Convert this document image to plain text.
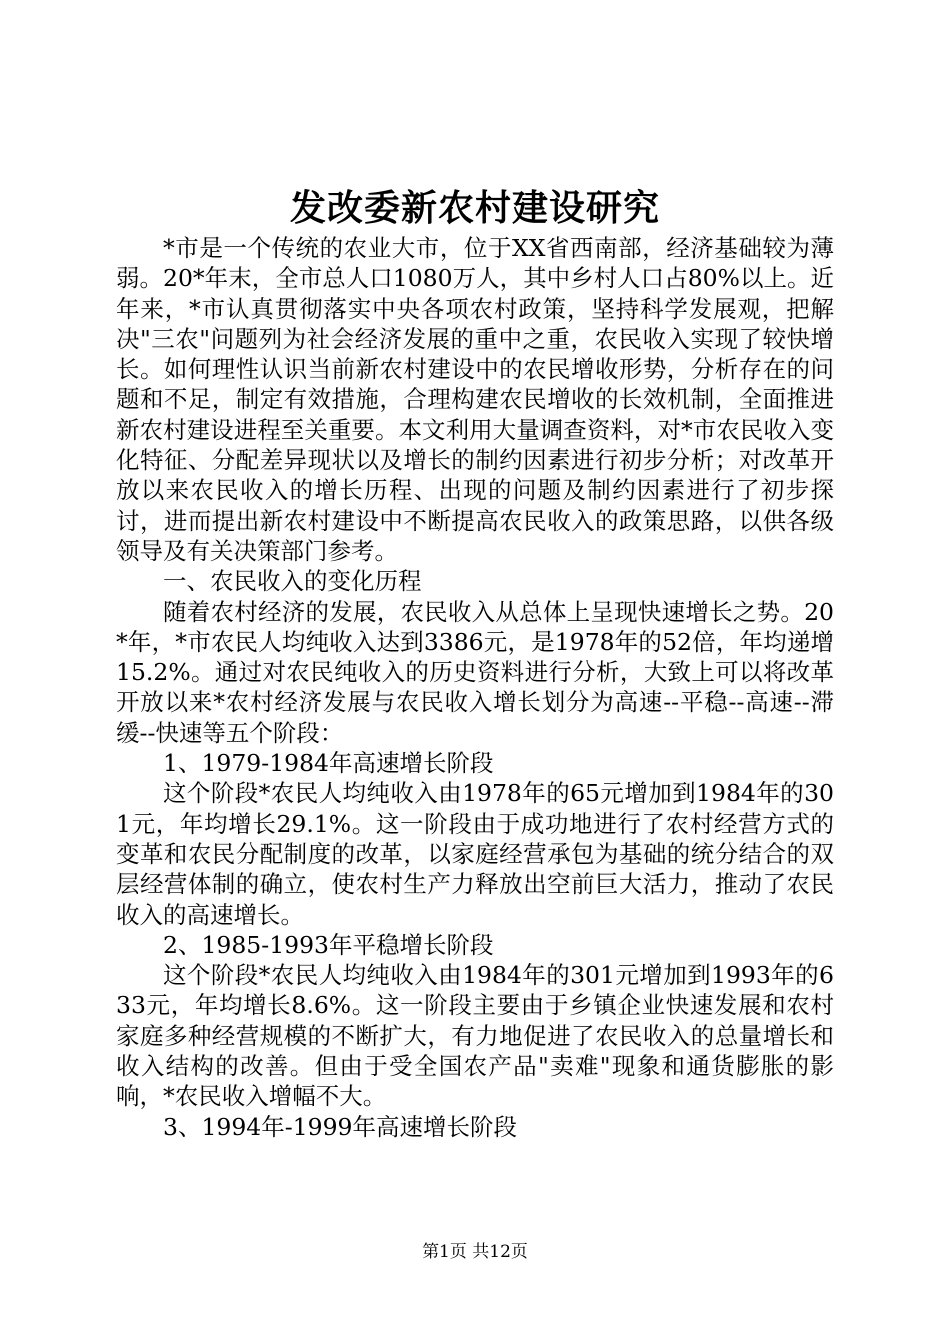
发改委新农村建设研究

*市是一个传统的农业大市，位于XX省西南部，经济基础较为薄弱。20*年末，全市总人口1080万人，其中乡村人口占80%以上。近年来，*市认真贯彻落实中央各项农村政策，坚持科学发展观，把解决"三农"问题列为社会经济发展的重中之重，农民收入实现了较快增长。如何理性认识当前新农村建设中的农民增收形势，分析存在的问题和不足，制定有效措施，合理构建农民增收的长效机制，全面推进新农村建设进程至关重要。本文利用大量调查资料，对*市农民收入变化特征、分配差异现状以及增长的制约因素进行初步分析；对改革开放以来农民收入的增长历程、出现的问题及制约因素进行了初步探讨，进而提出新农村建设中不断提高农民收入的政策思路，以供各级领导及有关决策部门参考。

一、农民收入的变化历程

随着农村经济的发展，农民收入从总体上呈现快速增长之势。20*年，*市农民人均纯收入达到3386元，是1978年的52倍，年均递增15.2%。通过对农民纯收入的历史资料进行分析，大致上可以将改革开放以来*农村经济发展与农民收入增长划分为高速--平稳--高速--滞缓--快速等五个阶段：

1、1979-1984年高速增长阶段

这个阶段*农民人均纯收入由1978年的65元增加到1984年的301元，年均增长29.1%。这一阶段由于成功地进行了农村经营方式的变革和农民分配制度的改革，以家庭经营承包为基础的统分结合的双层经营体制的确立，使农村生产力释放出空前巨大活力，推动了农民收入的高速增长。

2、1985-1993年平稳增长阶段

这个阶段*农民人均纯收入由1984年的301元增加到1993年的633元，年均增长8.6%。这一阶段主要由于乡镇企业快速发展和农村家庭多种经营规模的不断扩大，有力地促进了农民收入的总量增长和收入结构的改善。但由于受全国农产品"卖难"现象和通货膨胀的影响，*农民收入增幅不大。

3、1994年-1999年高速增长阶段

第1页 共12页
